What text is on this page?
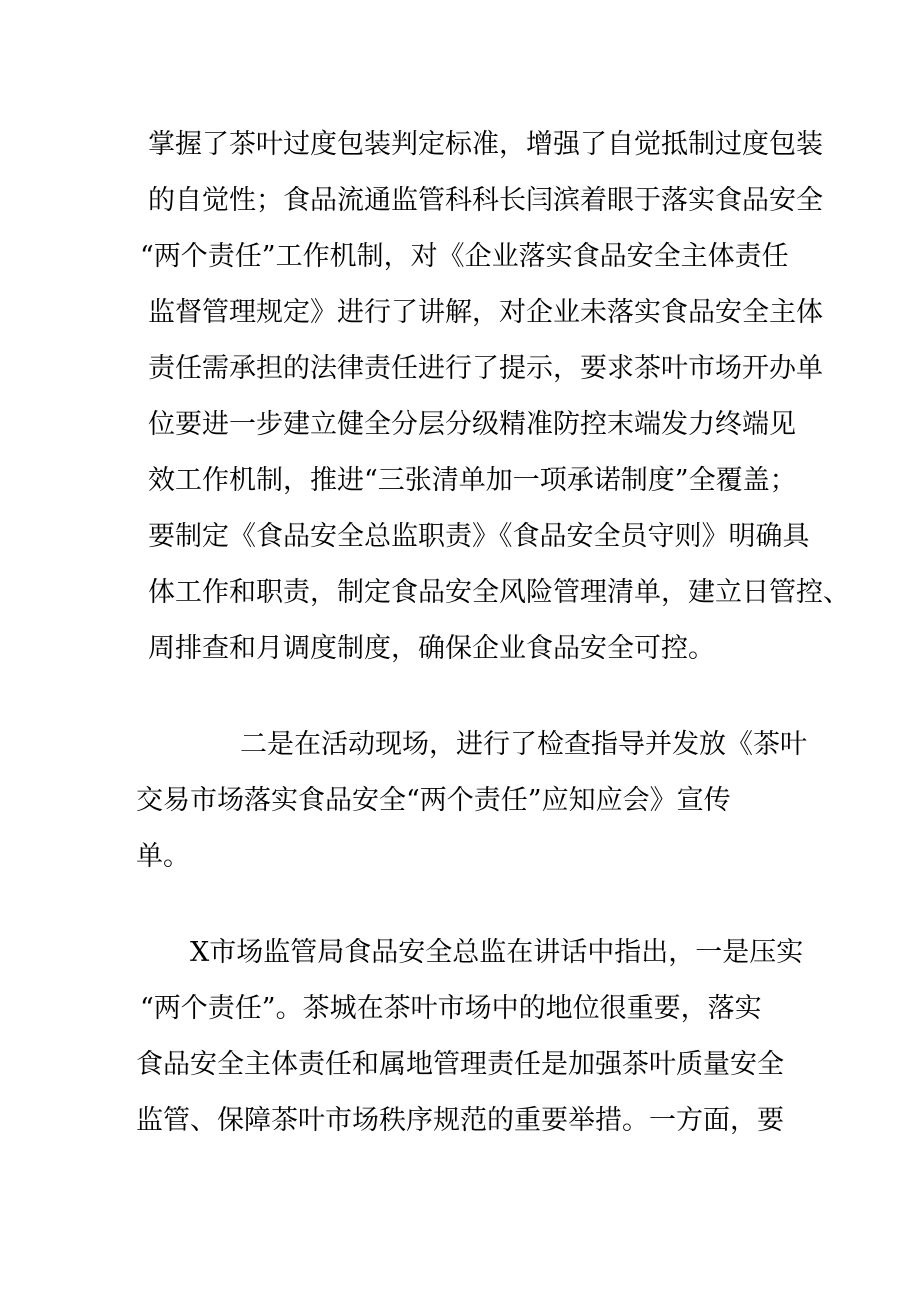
掌握了茶叶过度包装判定标准，增强了自觉抵制过度包装
的自觉性；食品流通监管科科长闫滨着眼于落实食品安全
“两个责任”工作机制，对《企业落实食品安全主体责任
监督管理规定》进行了讲解，对企业未落实食品安全主体
责任需承担的法律责任进行了提示，要求茶叶市场开办单
位要进一步建立健全分层分级精准防控末端发力终端见
效工作机制，推进“三张清单加一项承诺制度”全覆盖；
要制定《食品安全总监职责》《食品安全员守则》明确具
体工作和职责，制定食品安全风险管理清单，建立日管控、
周排查和月调度制度，确保企业食品安全可控。
二是在活动现场，进行了检查指导并发放《茶叶
交易市场落实食品安全“两个责任”应知应会》宣传
单。
X市场监管局食品安全总监在讲话中指出，一是压实
“两个责任”。茶城在茶叶市场中的地位很重要，落实
食品安全主体责任和属地管理责任是加强茶叶质量安全
监管、保障茶叶市场秩序规范的重要举措。一方面，要
